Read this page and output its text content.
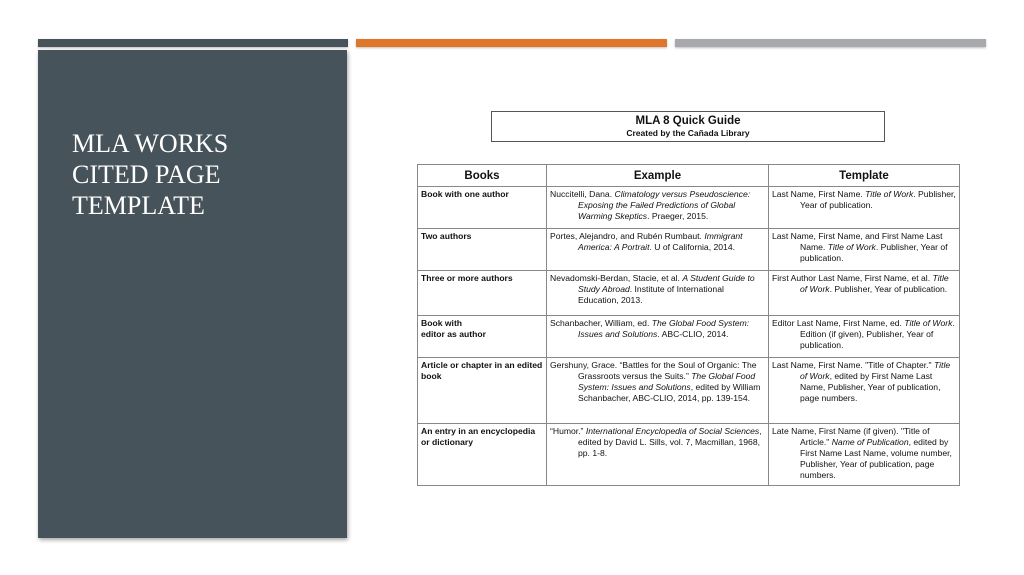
MLA WORKS
CITED PAGE
TEMPLATE
MLA 8 Quick Guide
Created by the Cañada Library
Books	Example	Template
Book with one author	Nuccitelli, Dana. Climatology versus Pseudoscience: Exposing the Failed Predictions of Global Warming Skeptics. Praeger, 2015.	Last Name, First Name. Title of Work. Publisher, Year of publication.

Two authors	Portes, Alejandro, and Rubén Rumbaut. Immigrant America: A Portrait. U of California, 2014.	Last Name, First Name, and First Name Last Name. Title of Work. Publisher, Year of publication.

Three or more authors	Nevadomski-Berdan, Stacie, et al. A Student Guide to Study Abroad. Institute of International Education, 2013.	First Author Last Name, First Name, et al. Title of Work. Publisher, Year of publication.

Book with
editor as author	Schanbacher, William, ed. The Global Food System: Issues and Solutions. ABC-CLIO, 2014.	Editor Last Name, First Name, ed. Title of Work. Edition (if given), Publisher, Year of publication.

Article or chapter in an edited book	Gershuny, Grace. “Battles for the Soul of Organic: The Grassroots versus the Suits.” The Global Food System: Issues and Solutions, edited by William Schanbacher, ABC-CLIO, 2014, pp. 139-154.	Last Name, First Name. "Title of Chapter." Title of Work, edited by First Name Last Name, Publisher, Year of publication, page numbers.

An entry in an encyclopedia or dictionary	“Humor.” International Encyclopedia of Social Sciences, edited by David L. Sills, vol. 7, Macmillan, 1968, pp. 1-8.	Late Name, First Name (if given). "Title of Article." Name of Publication, edited by First Name Last Name, volume number, Publisher, Year of publication, page numbers.
